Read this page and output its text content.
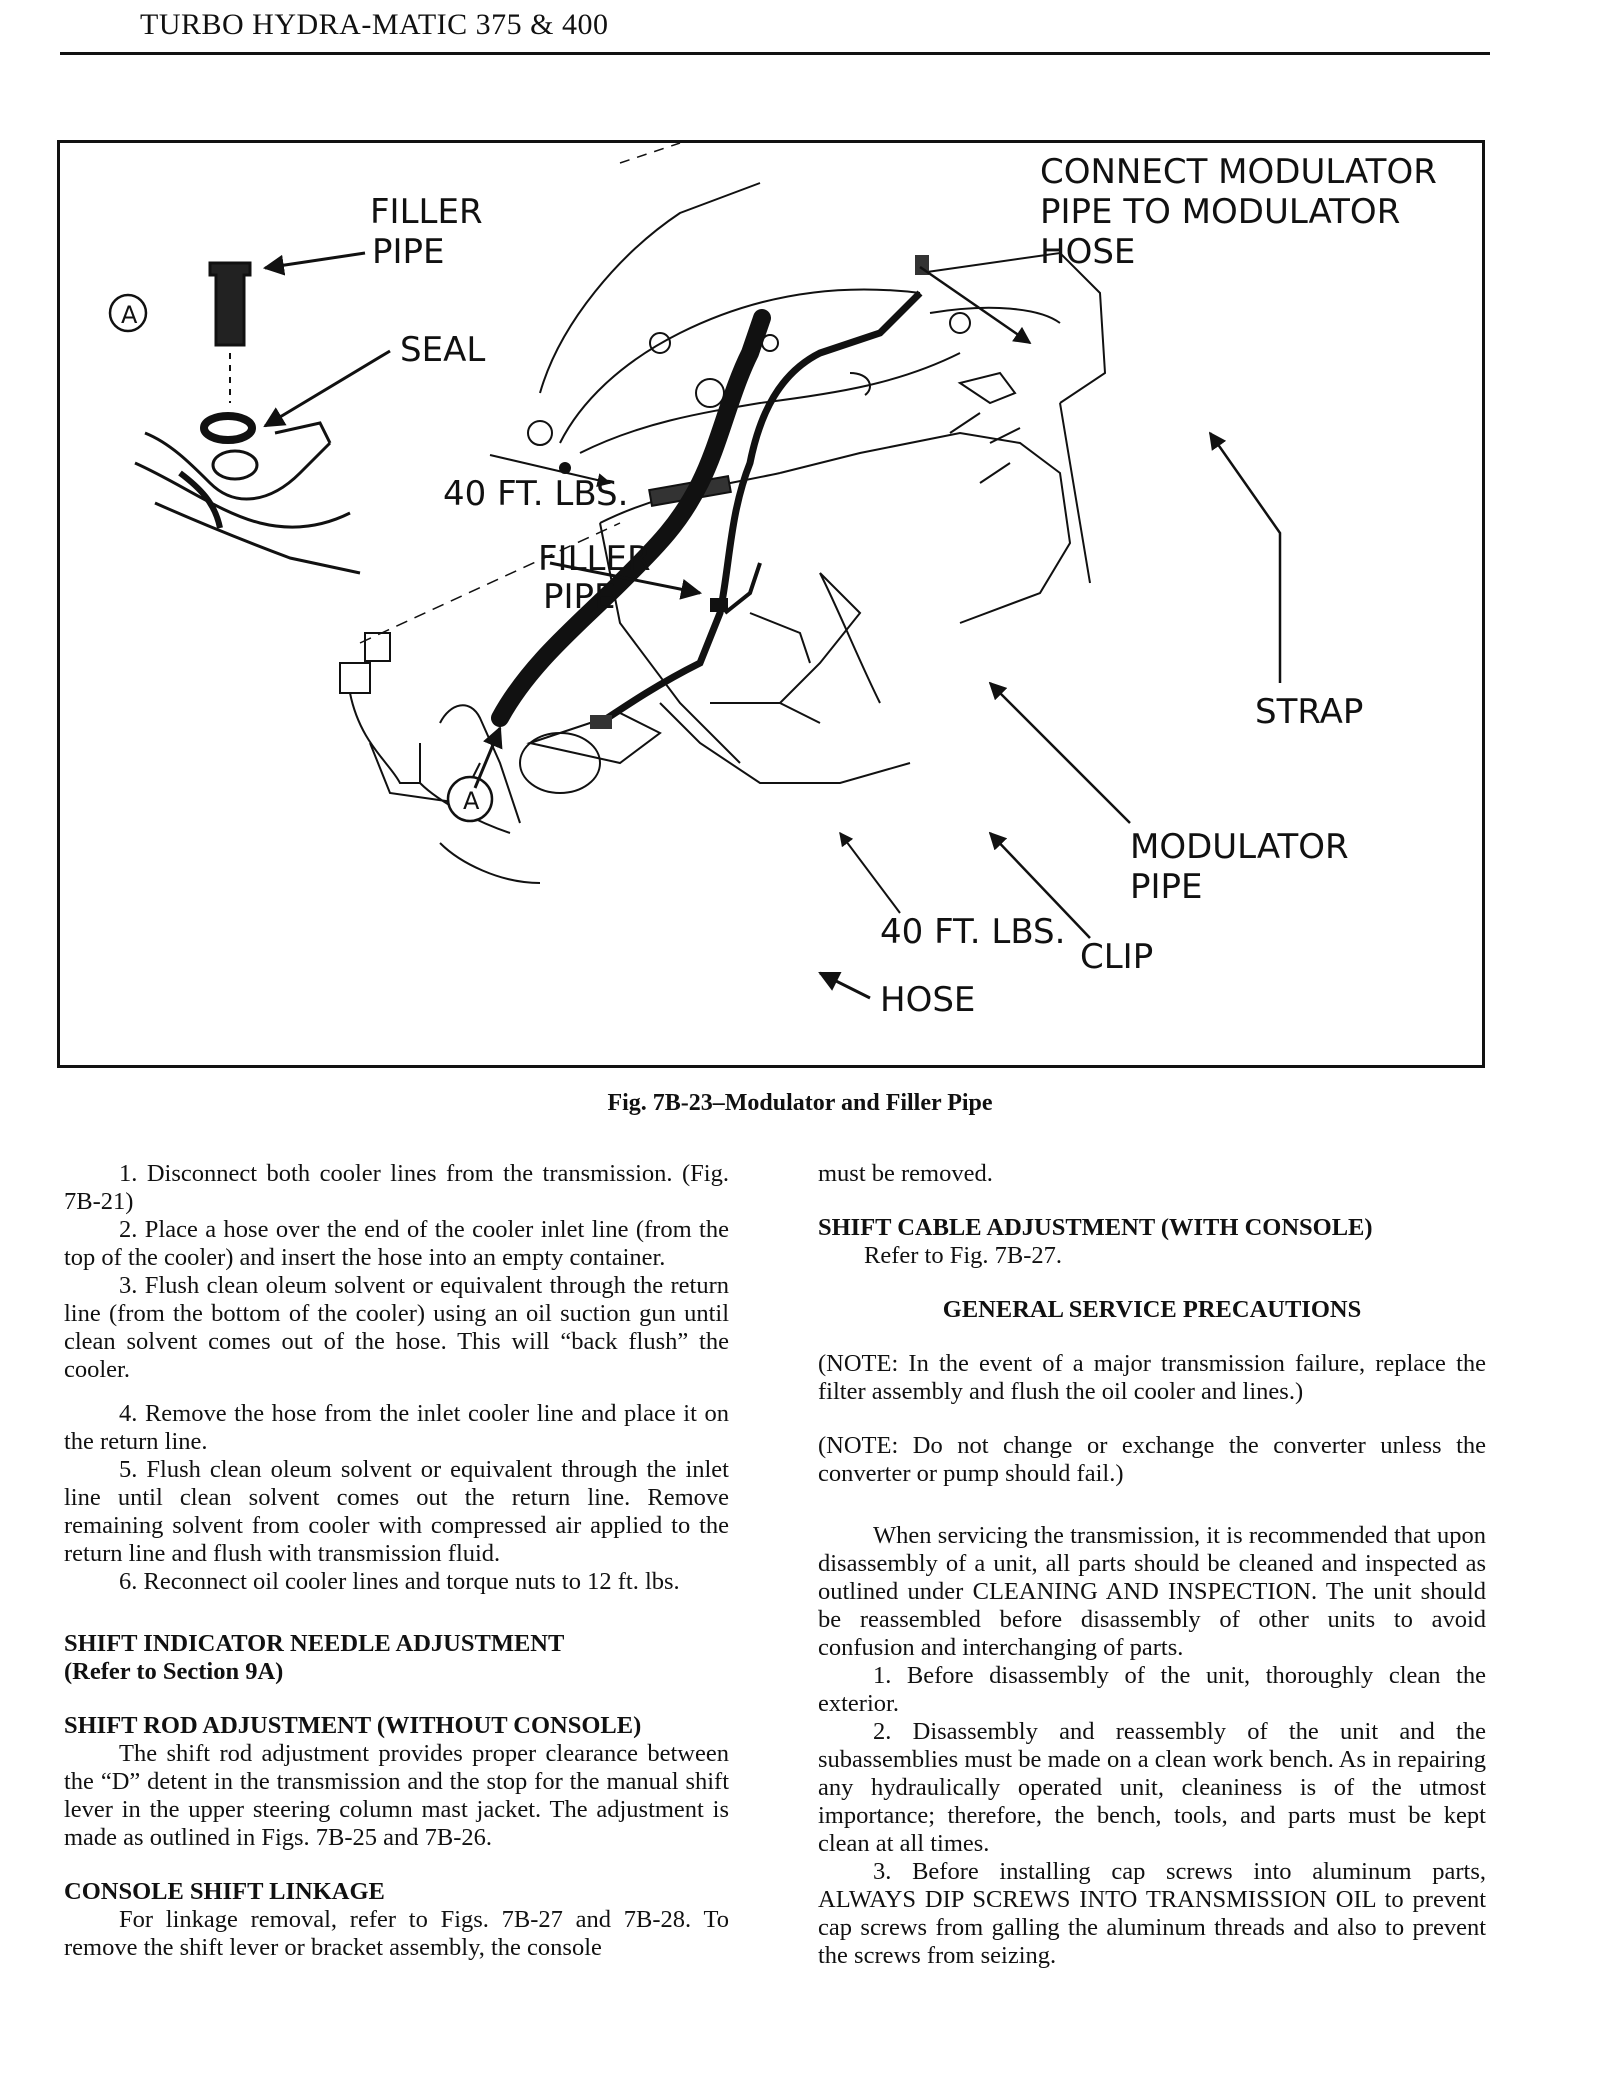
TURBO HYDRA-MATIC 375 & 400
A
A
FILLER
PIPE
SEAL
40 FT. LBS.
FILLER
PIPE
CONNECT MODULATOR
PIPE TO MODULATOR
HOSE
STRAP
MODULATOR
PIPE
40 FT. LBS.
CLIP
HOSE
Fig. 7B-23–Modulator and Filler Pipe

1. Disconnect both cooler lines from the transmission. (Fig. 7B-21)

2. Place a hose over the end of the cooler inlet line (from the top of the cooler) and insert the hose into an empty container.

3. Flush clean oleum solvent or equivalent through the return line (from the bottom of the cooler) using an oil suction gun until clean solvent comes out of the hose. This will “back flush” the cooler.

4. Remove the hose from the inlet cooler line and place it on the return line.

5. Flush clean oleum solvent or equivalent through the inlet line until clean solvent comes out the return line. Remove remaining solvent from cooler with compressed air applied to the return line and flush with transmission fluid.

6. Reconnect oil cooler lines and torque nuts to 12 ft. lbs.

SHIFT INDICATOR NEEDLE ADJUSTMENT

(Refer to Section 9A)

SHIFT ROD ADJUSTMENT (WITHOUT CONSOLE)

The shift rod adjustment provides proper clearance between the “D” detent in the transmission and the stop for the manual shift lever in the upper steering column mast jacket. The adjustment is made as outlined in Figs. 7B-25 and 7B-26.

CONSOLE SHIFT LINKAGE

For linkage removal, refer to Figs. 7B-27 and 7B-28. To remove the shift lever or bracket assembly, the console

must be removed.

SHIFT CABLE ADJUSTMENT (WITH CONSOLE)

Refer to Fig. 7B-27.

GENERAL SERVICE PRECAUTIONS

(NOTE: In the event of a major transmission failure, replace the filter assembly and flush the oil cooler and lines.)

(NOTE: Do not change or exchange the converter unless the converter or pump should fail.)

When servicing the transmission, it is recommended that upon disassembly of a unit, all parts should be cleaned and inspected as outlined under CLEANING AND INSPECTION. The unit should be reassembled before disassembly of other units to avoid confusion and interchanging of parts.

1. Before disassembly of the unit, thoroughly clean the exterior.

2. Disassembly and reassembly of the unit and the subassemblies must be made on a clean work bench. As in repairing any hydraulically operated unit, cleaniness is of the utmost importance; therefore, the bench, tools, and parts must be kept clean at all times.

3. Before installing cap screws into aluminum parts, ALWAYS DIP SCREWS INTO TRANSMISSION OIL to prevent cap screws from galling the aluminum threads and also to prevent the screws from seizing.
